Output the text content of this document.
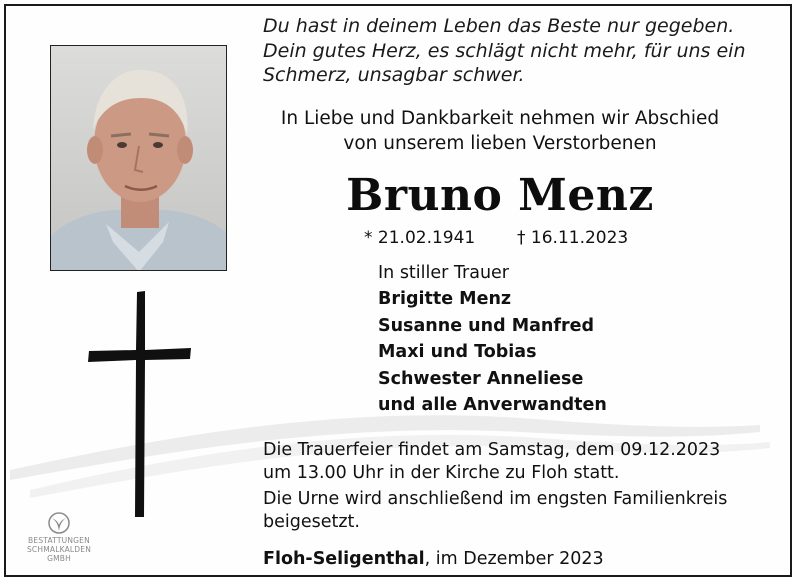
Du hast in deinem Leben das Beste nur gegeben.
Dein gutes Herz, es schlägt nicht mehr, für uns ein
Schmerz, unsagbar schwer.
In Liebe und Dankbarkeit nehmen wir Abschied
von unserem lieben Verstorbenen
Bruno Menz
* 21.02.1941 † 16.11.2023
In stiller Trauer
Brigitte Menz
Susanne und Manfred
Maxi und Tobias
Schwester Anneliese
und alle Anverwandten
Die Trauerfeier findet am Samstag, dem 09.12.2023
um 13.00 Uhr in der Kirche zu Floh statt.
Die Urne wird anschließend im engsten Familienkreis
beigesetzt.
Floh-Seligenthal, im Dezember 2023
BESTATTUNGEN
SCHMALKALDEN
GMBH
